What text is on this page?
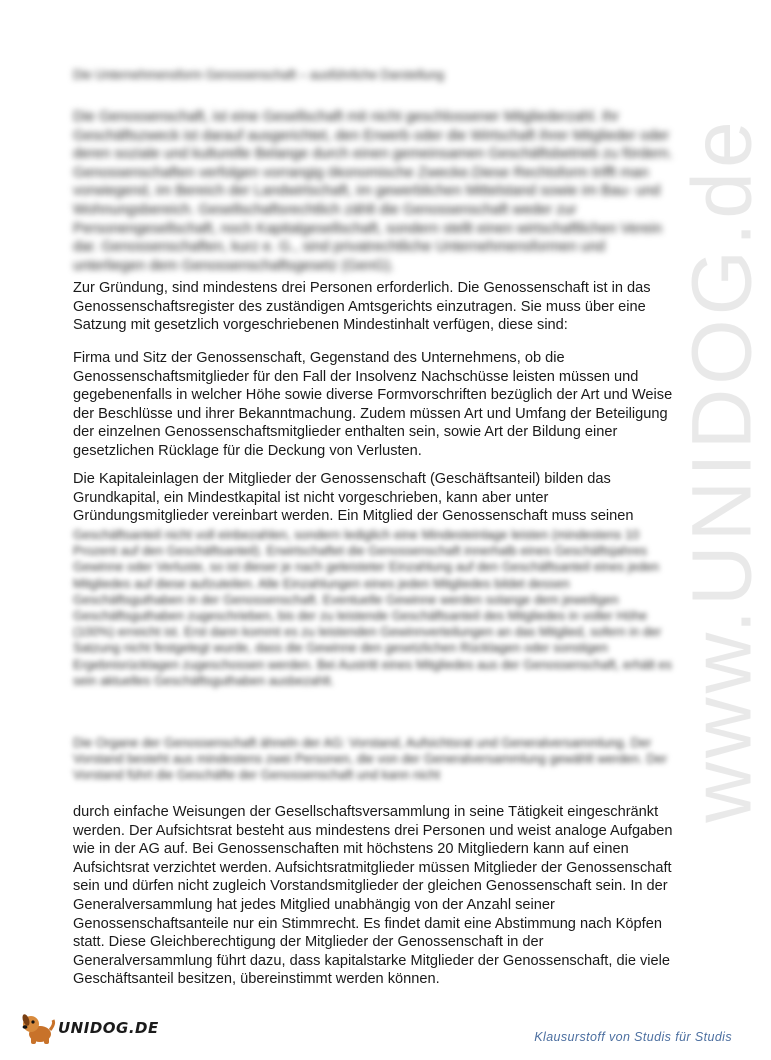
www.UNIDOG.de

Die Unternehmensform Genossenschaft – ausführliche Darstellung

Die Genossenschaft, ist eine Gesellschaft mit nicht geschlossener Mitgliederzahl. Ihr Geschäftszweck ist darauf ausgerichtet, den Erwerb oder die Wirtschaft ihrer Mitglieder oder deren soziale und kulturelle Belange durch einen gemeinsamen Geschäftsbetrieb zu fördern. Genossenschaften verfolgen vorrangig ökonomische Zwecke.Diese Rechtsform trifft man vorwiegend, im Bereich der Landwirtschaft, im gewerblichen Mittelstand sowie im Bau- und Wohnungsbereich. Gesellschaftsrechtlich zählt die Genossenschaft weder zur Personengesellschaft, noch Kapitalgesellschaft, sondern stellt einen wirtschaftlichen Verein dar. Genossenschaften, kurz e. G., sind privatrechtliche Unternehmensformen und unterliegen dem Genossenschaftsgesetz (GenG).

Zur Gründung, sind mindestens drei Personen erforderlich. Die Genossenschaft ist in das Genossenschaftsregister des zuständigen Amtsgerichts einzutragen. Sie muss über eine Satzung mit gesetzlich vorgeschriebenen Mindestinhalt verfügen, diese sind:

Firma und Sitz der Genossenschaft, Gegenstand des Unternehmens, ob die Genossenschaftsmitglieder für den Fall der Insolvenz Nachschüsse leisten müssen und gegebenenfalls in welcher Höhe sowie diverse Formvorschriften bezüglich der Art und Weise der Beschlüsse und ihrer Bekanntmachung. Zudem müssen Art und Umfang der Beteiligung der einzelnen Genossenschaftsmitglieder enthalten sein, sowie Art der Bildung einer gesetzlichen Rücklage für die Deckung von Verlusten.

Die Kapitaleinlagen der Mitglieder der Genossenschaft (Geschäftsanteil) bilden das Grundkapital, ein Mindestkapital ist nicht vorgeschrieben, kann aber unter Gründungsmitglieder vereinbart werden. Ein Mitglied der Genossenschaft muss seinen

Geschäftsanteil nicht voll einbezahlen, sondern lediglich eine Mindesteinlage leisten (mindestens 10 Prozent auf den Geschäftsanteil). Erwirtschaftet die Genossenschaft innerhalb eines Geschäftsjahres Gewinne oder Verluste, so ist dieser je nach geleisteter Einzahlung auf den Geschäftsanteil eines jeden Mitgliedes auf diese aufzuteilen. Alle Einzahlungen eines jeden Mitgliedes bildet dessen Geschäftsguthaben in der Genossenschaft. Eventuelle Gewinne werden solange dem jeweiligen Geschäftsguthaben zugeschrieben, bis der zu leistende Geschäftsanteil des Mitgliedes in voller Höhe (100%) erreicht ist. Erst dann kommt es zu leistenden Gewinnverteilungen an das Mitglied, sofern in der Satzung nicht festgelegt wurde, dass die Gewinne den gesetzlichen Rücklagen oder sonstigen Ergebnisrücklagen zugeschossen werden. Bei Austritt eines Mitgliedes aus der Genossenschaft, erhält es sein aktuelles Geschäftsguthaben ausbezahlt.

Die Organe der Genossenschaft ähneln der AG: Vorstand, Aufsichtsrat und Generalversammlung. Der Vorstand besteht aus mindestens zwei Personen, die von der Generalversammlung gewählt werden. Der Vorstand führt die Geschäfte der Genossenschaft und kann nicht

durch einfache Weisungen der Gesellschaftsversammlung in seine Tätigkeit eingeschränkt werden. Der Aufsichtsrat besteht aus mindestens drei Personen und weist analoge Aufgaben wie in der AG auf. Bei Genossenschaften mit höchstens 20 Mitgliedern kann auf einen Aufsichtsrat verzichtet werden. Aufsichtsratmitglieder müssen Mitglieder der Genossenschaft sein und dürfen nicht zugleich Vorstandsmitglieder der gleichen Genossenschaft sein. In der Generalversammlung hat jedes Mitglied unabhängig von der Anzahl seiner Genossenschaftsanteile nur ein Stimmrecht. Es findet damit eine Abstimmung nach Köpfen statt. Diese Gleichberechtigung der Mitglieder der Genossenschaft in der Generalversammlung führt dazu, dass kapitalstarke Mitglieder der Genossenschaft, die viele Geschäftsanteil besitzen, übereinstimmt werden können.

UNIDOG.DE	Klausurstoff von Studis für Studis
